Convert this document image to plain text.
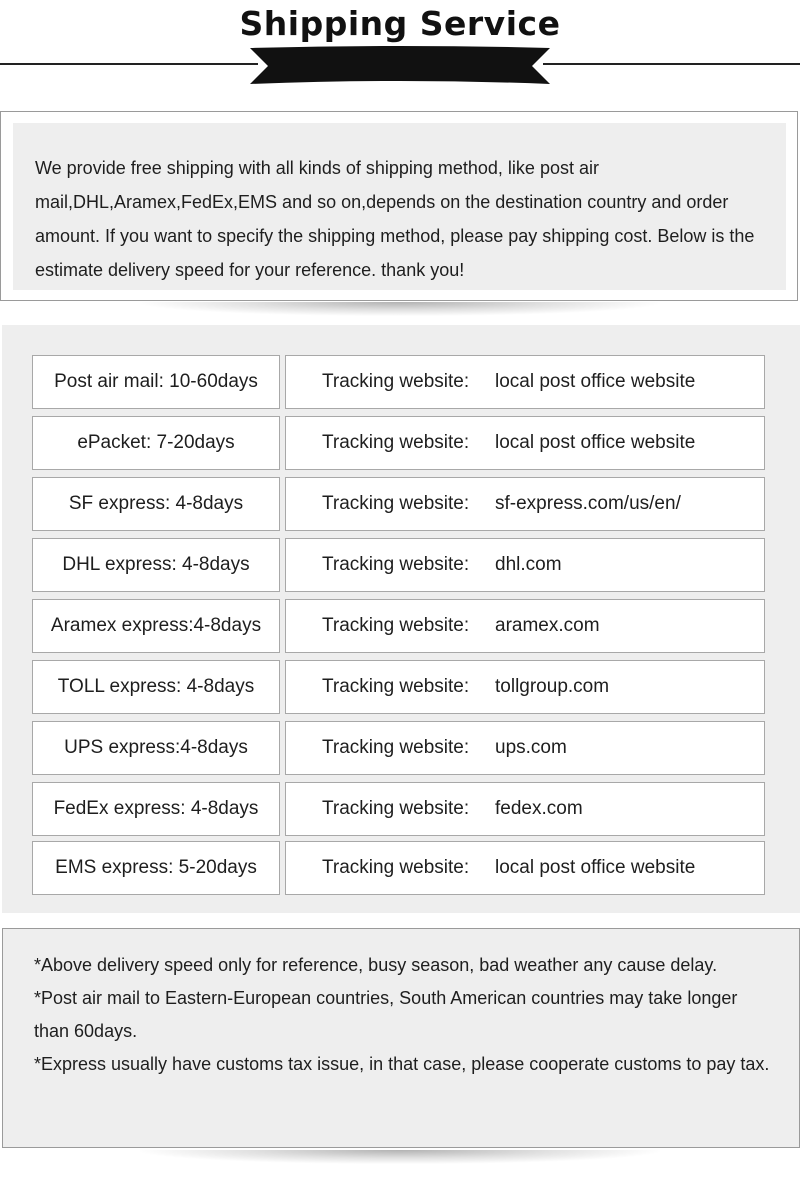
Shipping Service

We provide free shipping with all kinds of shipping method, like post air mail,DHL,Aramex,FedEx,EMS and so on,depends on the destination country and order amount. If you want to specify the shipping method, please pay shipping cost. Below is the estimate delivery speed for your reference. thank you!

Post air mail: 10-60days	Tracking website: local post office website
ePacket: 7-20days	Tracking website: local post office website
SF express: 4-8days	Tracking website: sf-express.com/us/en/
DHL express: 4-8days	Tracking website: dhl.com
Aramex express:4-8days	Tracking website: aramex.com
TOLL express: 4-8days	Tracking website: tollgroup.com
UPS express:4-8days	Tracking website: ups.com
FedEx express: 4-8days	Tracking website: fedex.com
EMS express: 5-20days	Tracking website: local post office website

*Above delivery speed only for reference, busy season, bad weather any cause delay.

*Post air mail to Eastern-European countries, South American countries may take longer than 60days.

*Express usually have customs tax issue, in that case, please cooperate customs to pay tax.
